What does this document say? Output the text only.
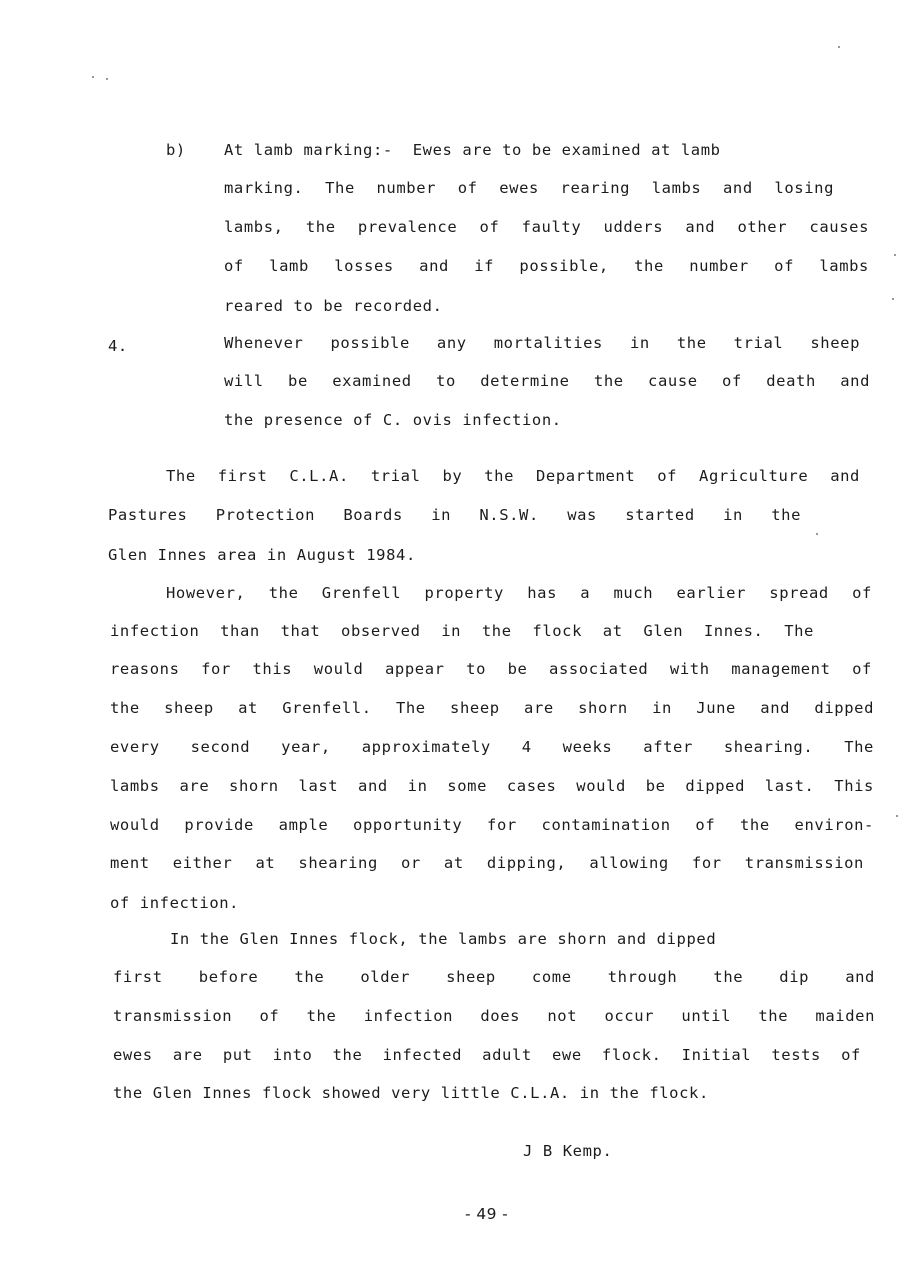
b) At lamb marking:-  Ewes are to be examined at lamb
marking. The number of ewes rearing lambs and losing
lambs, the prevalence of faulty udders and other causes
of lamb losses and if possible, the number of lambs
reared to be recorded.
4.	Whenever possible any mortalities in the trial sheep
will be examined to determine the cause of death and
the presence of C. ovis infection.
The first C.L.A. trial by the Department of Agriculture and
Pastures Protection Boards in N.S.W. was started in the
Glen Innes area in August 1984.
However, the Grenfell property has a much earlier spread of
infection than that observed in the flock at Glen Innes. The
reasons for this would appear to be associated with management of
the sheep at Grenfell. The sheep are shorn in June and dipped
every second year, approximately 4 weeks after shearing. The
lambs are shorn last and in some cases would be dipped last. This
would provide ample opportunity for contamination of the environ-
ment either at shearing or at dipping, allowing for transmission
of infection.
In the Glen Innes flock, the lambs are shorn and dipped
first before the older sheep come through the dip and
transmission of the infection does not occur until the maiden
ewes are put into the infected adult ewe flock. Initial tests of
the Glen Innes flock showed very little C.L.A. in the flock.
J B Kemp.
- 49 -
